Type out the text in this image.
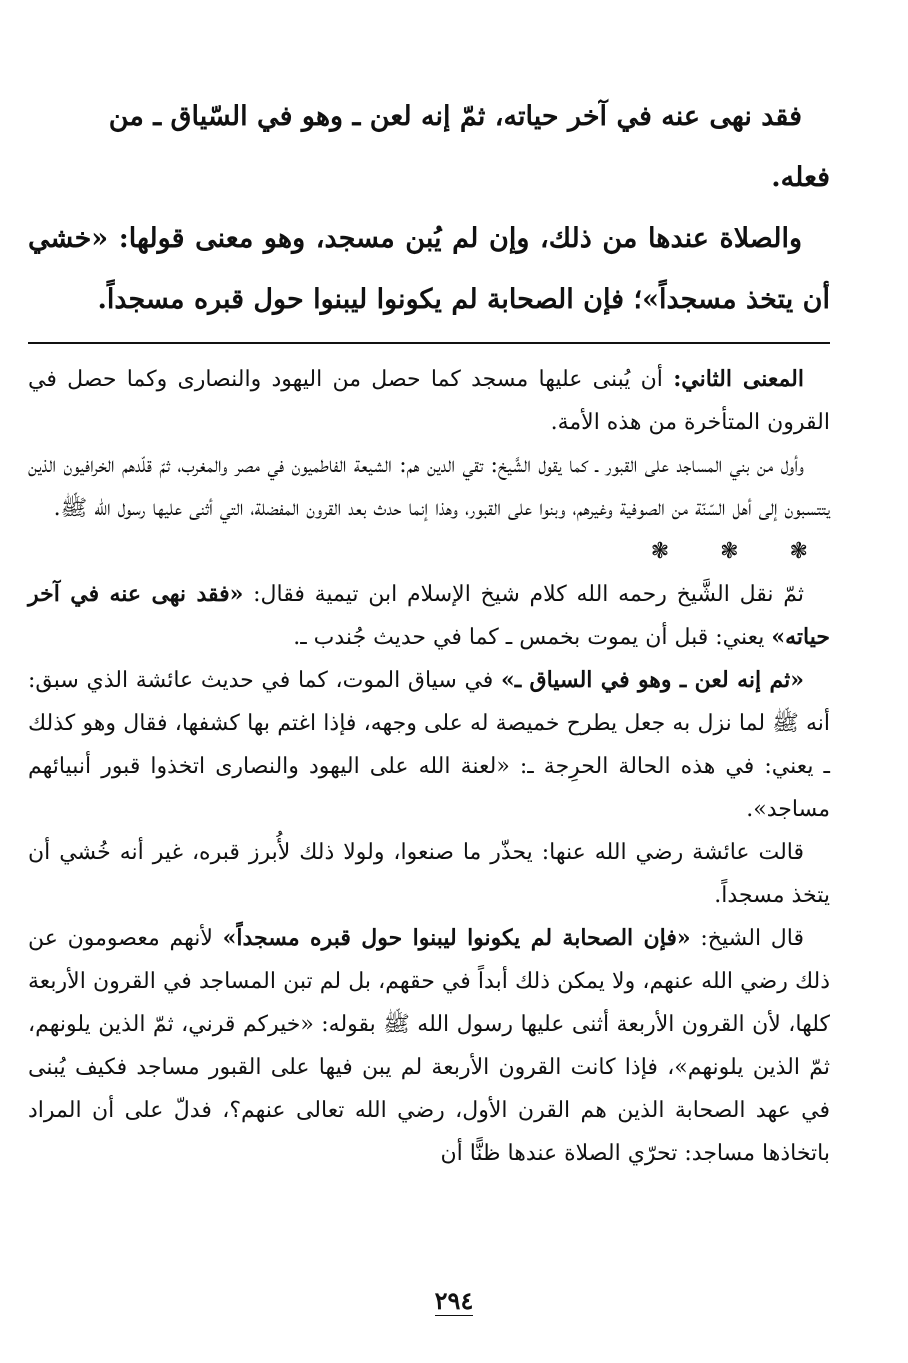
فقد نهى عنه في آخر حياته، ثمّ إنه لعن ـ وهو في السّياق ـ من
فعله.

والصلاة عندها من ذلك، وإن لم يُبن مسجد، وهو معنى قولها: «خشي أن يتخذ مسجداً»؛ فإن الصحابة لم يكونوا ليبنوا حول قبره مسجداً.

المعنى الثاني: أن يُبنى عليها مسجد كما حصل من اليهود والنصارى وكما حصل في القرون المتأخرة من هذه الأمة.

وأول من بني المساجد على القبور ـ كما يقول الشَّيخ: تقي الدين هم: الشيعة الفاطميون في مصر والمغرب، ثمّ قلّدهم الخرافيون الذين يتتسبون إلى أهل السّنّة من الصوفية وغيرهم، وبنوا على القبور، وهذا إنما حدث بعد القرون المفضلة، التي أثنى عليها رسول الله ﷺ.

❃ ❃ ❃

ثمّ نقل الشَّيخ رحمه الله كلام شيخ الإسلام ابن تيمية فقال: «فقد نهى عنه في آخر حياته» يعني: قبل أن يموت بخمس ـ كما في حديث جُندب ـ.

«ثم إنه لعن ـ وهو في السياق ـ» في سياق الموت، كما في حديث عائشة الذي سبق: أنه ﷺ لما نزل به جعل يطرح خميصة له على وجهه، فإذا اغتم بها كشفها، فقال وهو كذلك ـ يعني: في هذه الحالة الحرِجة ـ: «لعنة الله على اليهود والنصارى اتخذوا قبور أنبيائهم مساجد».

قالت عائشة رضي الله عنها: يحذّر ما صنعوا، ولولا ذلك لأُبرز قبره، غير أنه خُشي أن يتخذ مسجداً.

قال الشيخ: «فإن الصحابة لم يكونوا ليبنوا حول قبره مسجداً» لأنهم معصومون عن ذلك رضي الله عنهم، ولا يمكن ذلك أبداً في حقهم، بل لم تبن المساجد في القرون الأربعة كلها، لأن القرون الأربعة أثنى عليها رسول الله ﷺ بقوله: «خيركم قرني، ثمّ الذين يلونهم، ثمّ الذين يلونهم»، فإذا كانت القرون الأربعة لم يبن فيها على القبور مساجد فكيف يُبنى في عهد الصحابة الذين هم القرن الأول، رضي الله تعالى عنهم؟، فدلّ على أن المراد باتخاذها مساجد: تحرّي الصلاة عندها ظنًّا أن

٢٩٤
